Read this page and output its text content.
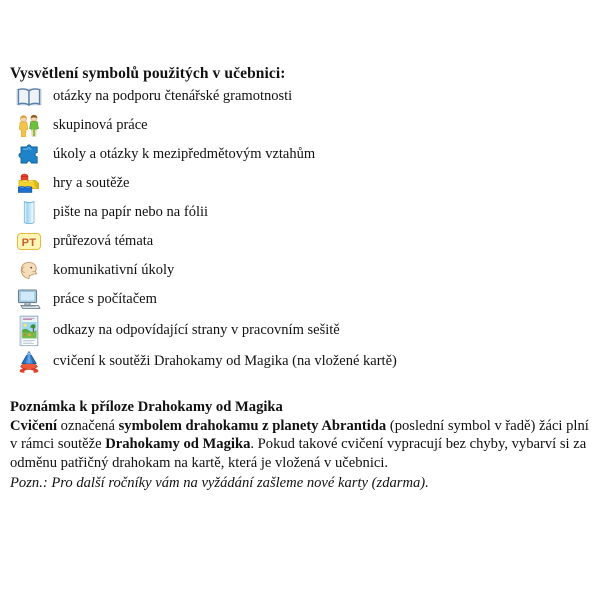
Vysvětlení symbolů použitých v učebnici:
otázky na podporu čtenářské gramotnosti
skupinová práce
úkoly a otázky k mezipředmětovým vztahům
hry a soutěže
pište na papír nebo na fólii
PT	průřezová témata
komunikativní úkoly
práce s počítačem
odkazy na odpovídající strany v pracovním sešitě
cvičení k soutěži Drahokamy od Magika (na vložené kartě)
Poznámka k příloze Drahokamy od Magika
Cvičení označená symbolem drahokamu z planety Abrantida (poslední symbol v řadě) žáci plní v rámci soutěže Drahokamy od Magika. Pokud takové cvičení vypracují bez chyby, vybarví si za odměnu patřičný drahokam na kartě, která je vložená v učebnici.
Pozn.: Pro další ročníky vám na vyžádání zašleme nové karty (zdarma).
